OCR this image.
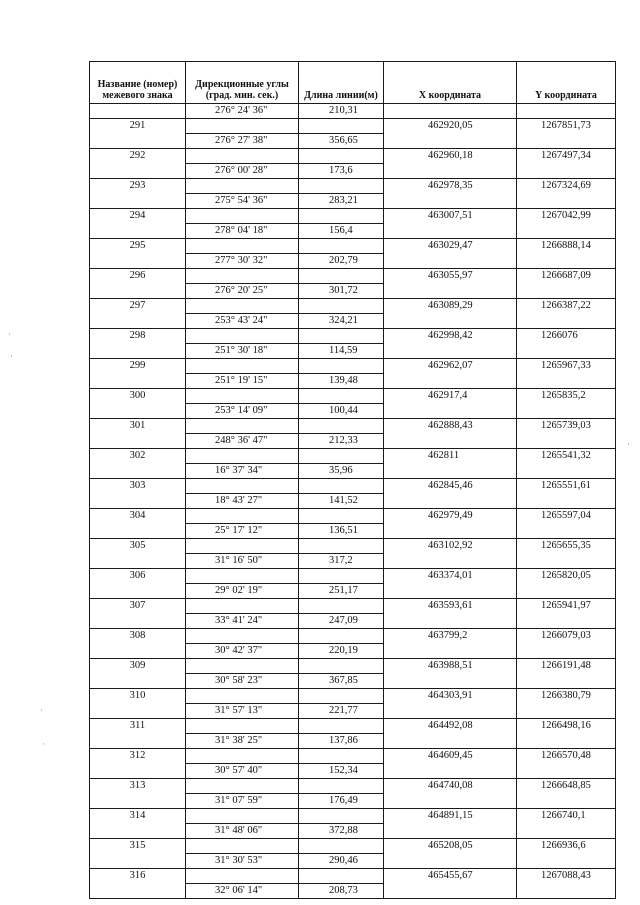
Название (номер) межевого знака	Дирекционные углы (град. мин. сек.)	Длина линии(м)	X координата	Y координата
	276° 24' 36"	210,31		
291			462920,05	1267851,73
	276° 27' 38"	356,65		
292			462960,18	1267497,34
	276° 00' 28"	173,6		
293			462978,35	1267324,69
	275° 54' 36"	283,21		
294			463007,51	1267042,99
	278° 04' 18"	156,4		
295			463029,47	1266888,14
	277° 30' 32"	202,79		
296			463055,97	1266687,09
	276° 20' 25"	301,72		
297			463089,29	1266387,22
	253° 43' 24"	324,21		
298			462998,42	1266076
	251° 30' 18"	114,59		
299			462962,07	1265967,33
	251° 19' 15"	139,48		
300			462917,4	1265835,2
	253° 14' 09"	100,44		
301			462888,43	1265739,03
	248° 36' 47"	212,33		
302			462811	1265541,32
	16° 37' 34"	35,96		
303			462845,46	1265551,61
	18° 43' 27"	141,52		
304			462979,49	1265597,04
	25° 17' 12"	136,51		
305			463102,92	1265655,35
	31° 16' 50"	317,2		
306			463374,01	1265820,05
	29° 02' 19"	251,17		
307			463593,61	1265941,97
	33° 41' 24"	247,09		
308			463799,2	1266079,03
	30° 42' 37"	220,19		
309			463988,51	1266191,48
	30° 58' 23"	367,85		
310			464303,91	1266380,79
	31° 57' 13"	221,77		
311			464492,08	1266498,16
	31° 38' 25"	137,86		
312			464609,45	1266570,48
	30° 57' 40"	152,34		
313			464740,08	1266648,85
	31° 07' 59"	176,49		
314			464891,15	1266740,1
	31° 48' 06"	372,88		
315			465208,05	1266936,6
	31° 30' 53"	290,46		
316			465455,67	1267088,43
	32° 06' 14"	208,73		
·
·
·
·
·
